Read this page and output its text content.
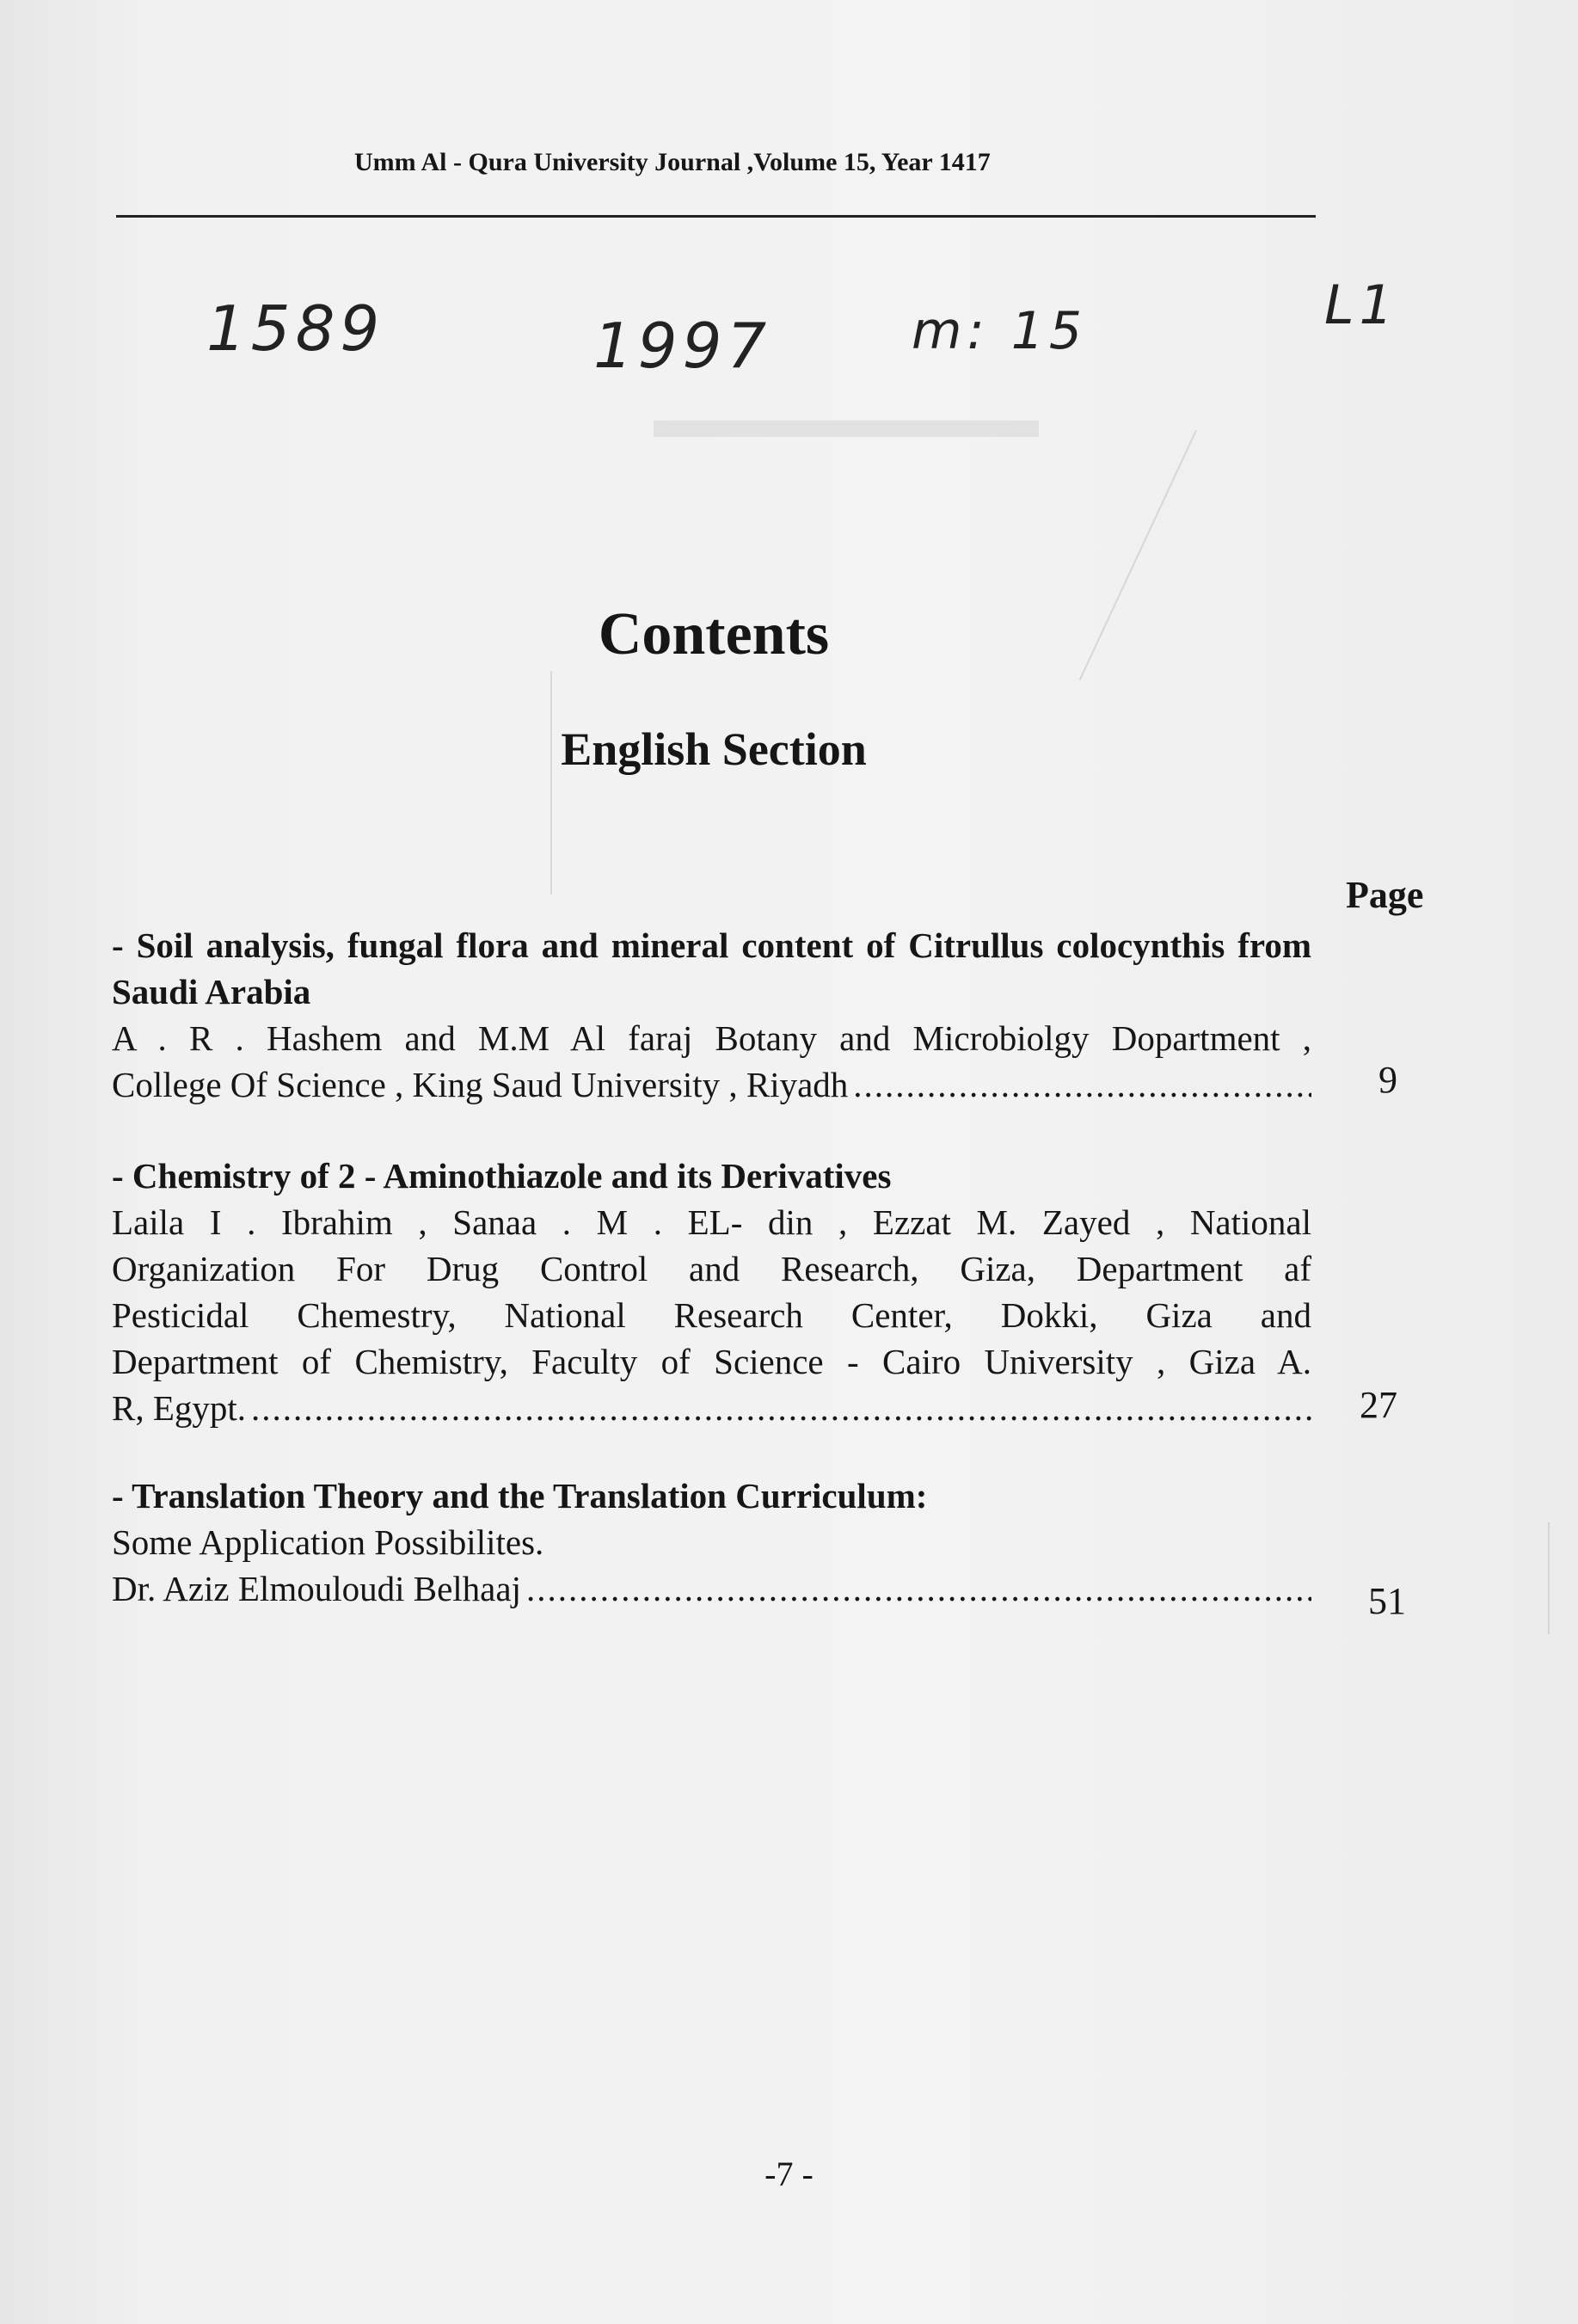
▬▬▬▬▬▬▬
Umm Al - Qura University Journal ,Volume 15, Year 1417
1589	1997	m: 15	L1
Contents
English Section
Page
- Soil analysis, fungal flora and mineral content of Citrullus colocynthis from Saudi Arabia
A . R . Hashem and M.M Al faraj Botany and Microbiolgy Dopartment ,
College Of Science , King Saud University , Riyadh .....	9
- Chemistry of 2 - Aminothiazole and its Derivatives
Laila I . Ibrahim , Sanaa . M . EL- din , Ezzat M. Zayed , National
Organization For Drug Control and Research, Giza, Department af
Pesticidal Chemestry, National Research Center, Dokki, Giza and
Department of Chemistry, Faculty of Science - Cairo University , Giza A.
R, Egypt. .....	27
- Translation Theory and the Translation Curriculum:
Some Application Possibilites.
Dr. Aziz Elmouloudi Belhaaj .....	51
-7 -
